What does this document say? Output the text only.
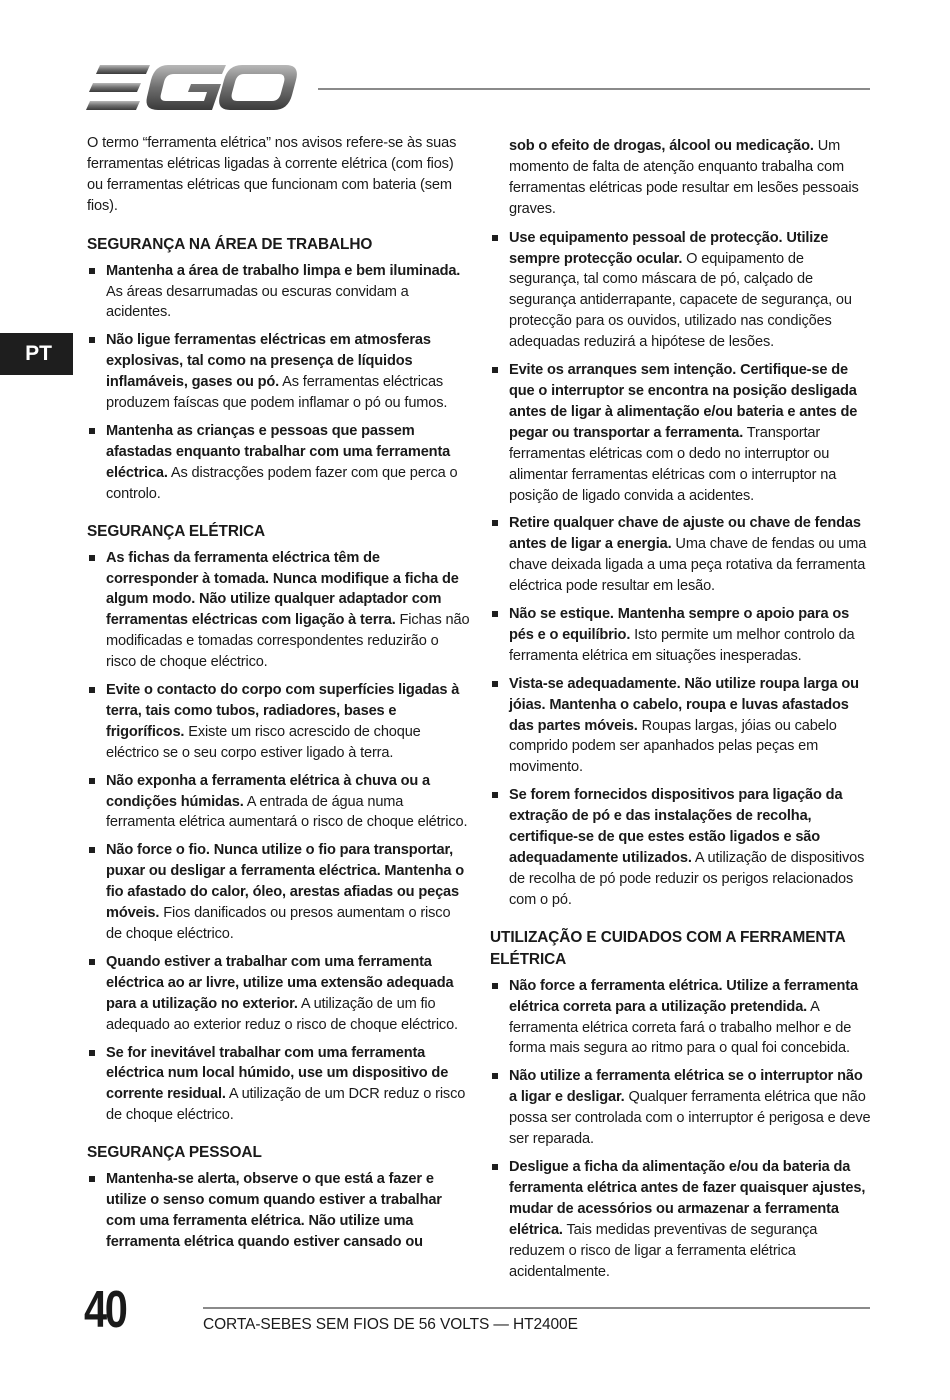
PT

O termo “ferramenta elétrica” nos avisos refere-se às suas ferramentas elétricas ligadas à corrente elétrica (com fios) ou ferramentas elétricas que funcionam com bateria (sem fios).

SEGURANÇA NA ÁREA DE TRABALHO
Mantenha a área de trabalho limpa e bem iluminada. As áreas desarrumadas ou escuras convidam a acidentes.
Não ligue ferramentas eléctricas em atmosferas explosivas, tal como na presença de líquidos inflamáveis, gases ou pó. As ferramentas eléctricas produzem faíscas que podem inflamar o pó ou fumos.
Mantenha as crianças e pessoas que passem afastadas enquanto trabalhar com uma ferramenta eléctrica. As distracções podem fazer com que perca o controlo.
SEGURANÇA ELÉTRICA
As fichas da ferramenta eléctrica têm de corresponder à tomada. Nunca modifique a ficha de algum modo. Não utilize qualquer adaptador com ferramentas eléctricas com ligação à terra. Fichas não modificadas e tomadas correspondentes reduzirão o risco de choque eléctrico.
Evite o contacto do corpo com superfícies ligadas à terra, tais como tubos, radiadores, bases e frigoríficos. Existe um risco acrescido de choque eléctrico se o seu corpo estiver ligado à terra.
Não exponha a ferramenta elétrica à chuva ou a condições húmidas. A entrada de água numa ferramenta elétrica aumentará o risco de choque elétrico.
Não force o fio. Nunca utilize o fio para transportar, puxar ou desligar a ferramenta eléctrica. Mantenha o fio afastado do calor, óleo, arestas afiadas ou peças móveis. Fios danificados ou presos aumentam o risco de choque eléctrico.
Quando estiver a trabalhar com uma ferramenta eléctrica ao ar livre, utilize uma extensão adequada para a utilização no exterior. A utilização de um fio adequado ao exterior reduz o risco de choque eléctrico.
Se for inevitável trabalhar com uma ferramenta eléctrica num local húmido, use um dispositivo de corrente residual. A utilização de um DCR reduz o risco de choque eléctrico.
SEGURANÇA PESSOAL
Mantenha-se alerta, observe o que está a fazer e utilize o senso comum quando estiver a trabalhar com uma ferramenta elétrica. Não utilize uma ferramenta elétrica quando estiver cansado ou

sob o efeito de drogas, álcool ou medicação. Um momento de falta de atenção enquanto trabalha com ferramentas elétricas pode resultar em lesões pessoais graves.

Use equipamento pessoal de protecção. Utilize sempre protecção ocular. O equipamento de segurança, tal como máscara de pó, calçado de segurança antiderrapante, capacete de segurança, ou protecção para os ouvidos, utilizado nas condições adequadas reduzirá a hipótese de lesões.
Evite os arranques sem intenção. Certifique-se de que o interruptor se encontra na posição desligada antes de ligar à alimentação e/ou bateria e antes de pegar ou transportar a ferramenta. Transportar ferramentas elétricas com o dedo no interruptor ou alimentar ferramentas elétricas com o interruptor na posição de ligado convida a acidentes.
Retire qualquer chave de ajuste ou chave de fendas antes de ligar a energia. Uma chave de fendas ou uma chave deixada ligada a uma peça rotativa da ferramenta eléctrica pode resultar em lesão.
Não se estique. Mantenha sempre o apoio para os pés e o equilíbrio. Isto permite um melhor controlo da ferramenta elétrica em situações inesperadas.
Vista-se adequadamente. Não utilize roupa larga ou jóias. Mantenha o cabelo, roupa e luvas afastados das partes móveis. Roupas largas, jóias ou cabelo comprido podem ser apanhados pelas peças em movimento.
Se forem fornecidos dispositivos para ligação da extração de pó e das instalações de recolha, certifique-se de que estes estão ligados e são adequadamente utilizados. A utilização de dispositivos de recolha de pó pode reduzir os perigos relacionados com o pó.
UTILIZAÇÃO E CUIDADOS COM A FERRAMENTA ELÉTRICA
Não force a ferramenta elétrica. Utilize a ferramenta elétrica correta para a utilização pretendida. A ferramenta elétrica correta fará o trabalho melhor e de forma mais segura ao ritmo para o qual foi concebida.
Não utilize a ferramenta elétrica se o interruptor não a ligar e desligar. Qualquer ferramenta elétrica que não possa ser controlada com o interruptor é perigosa e deve ser reparada.
Desligue a ficha da alimentação e/ou da bateria da ferramenta elétrica antes de fazer quaisquer ajustes, mudar de acessórios ou armazenar a ferramenta elétrica. Tais medidas preventivas de segurança reduzem o risco de ligar a ferramenta elétrica acidentalmente.
40	CORTA-SEBES SEM FIOS DE 56 VOLTS — HT2400E
